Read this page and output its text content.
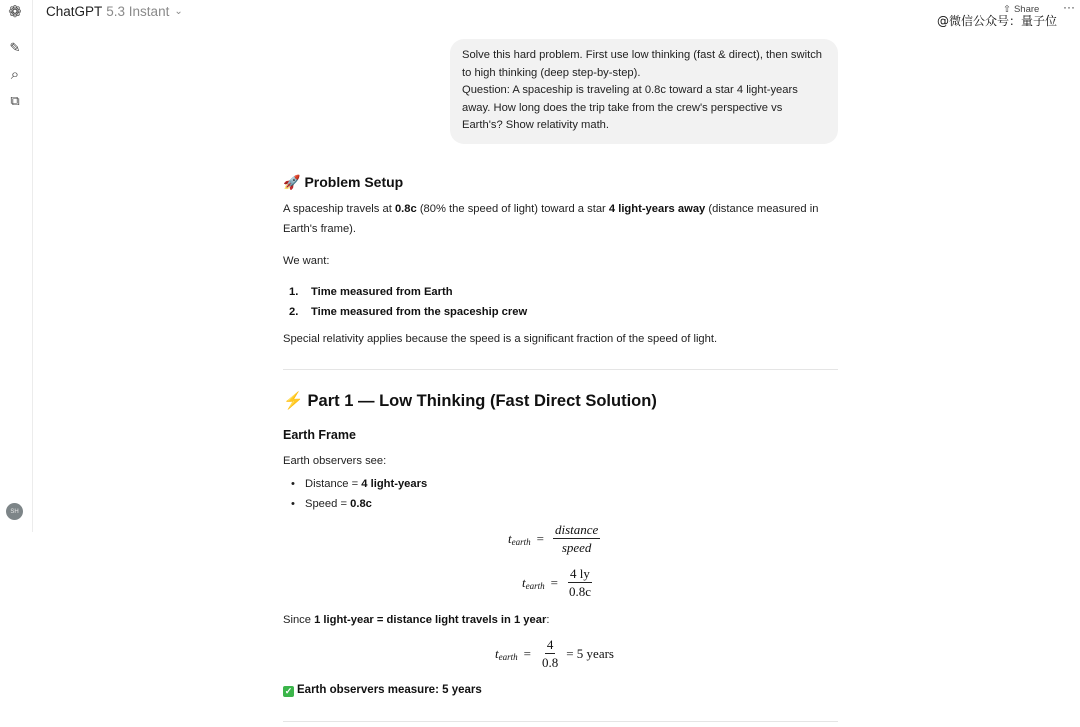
❁
✎
⌕
⧉
SH
ChatGPT 5.3 Instant ⌄	⇧ Share ···
@微信公众号：量子位
Solve this hard problem. First use low thinking (fast & direct), then switch to high thinking (deep step-by-step).
Question: A spaceship is traveling at 0.8c toward a star 4 light-years away. How long does the trip take from the crew's perspective vs Earth's? Show relativity math.
🚀 Problem Setup
A spaceship travels at 0.8c (80% the speed of light) toward a star 4 light-years away (distance measured in Earth's frame).
We want:
1. Time measured from Earth
2. Time measured from the spaceship crew
Special relativity applies because the speed is a significant fraction of the speed of light.
⚡ Part 1 — Low Thinking (Fast Direct Solution)
Earth Frame
Earth observers see:
• Distance = 4 light-years
• Speed = 0.8c
t earth = $\frac{\text{distance}}{\text{speed}}$
t earth = $\frac{4 ly}{0.8c}$
Since 1 light-year = distance light travels in 1 year:
✓ Earth observers measure: 5 years
t earth = $\frac{4}{0.8} = 5$ years
